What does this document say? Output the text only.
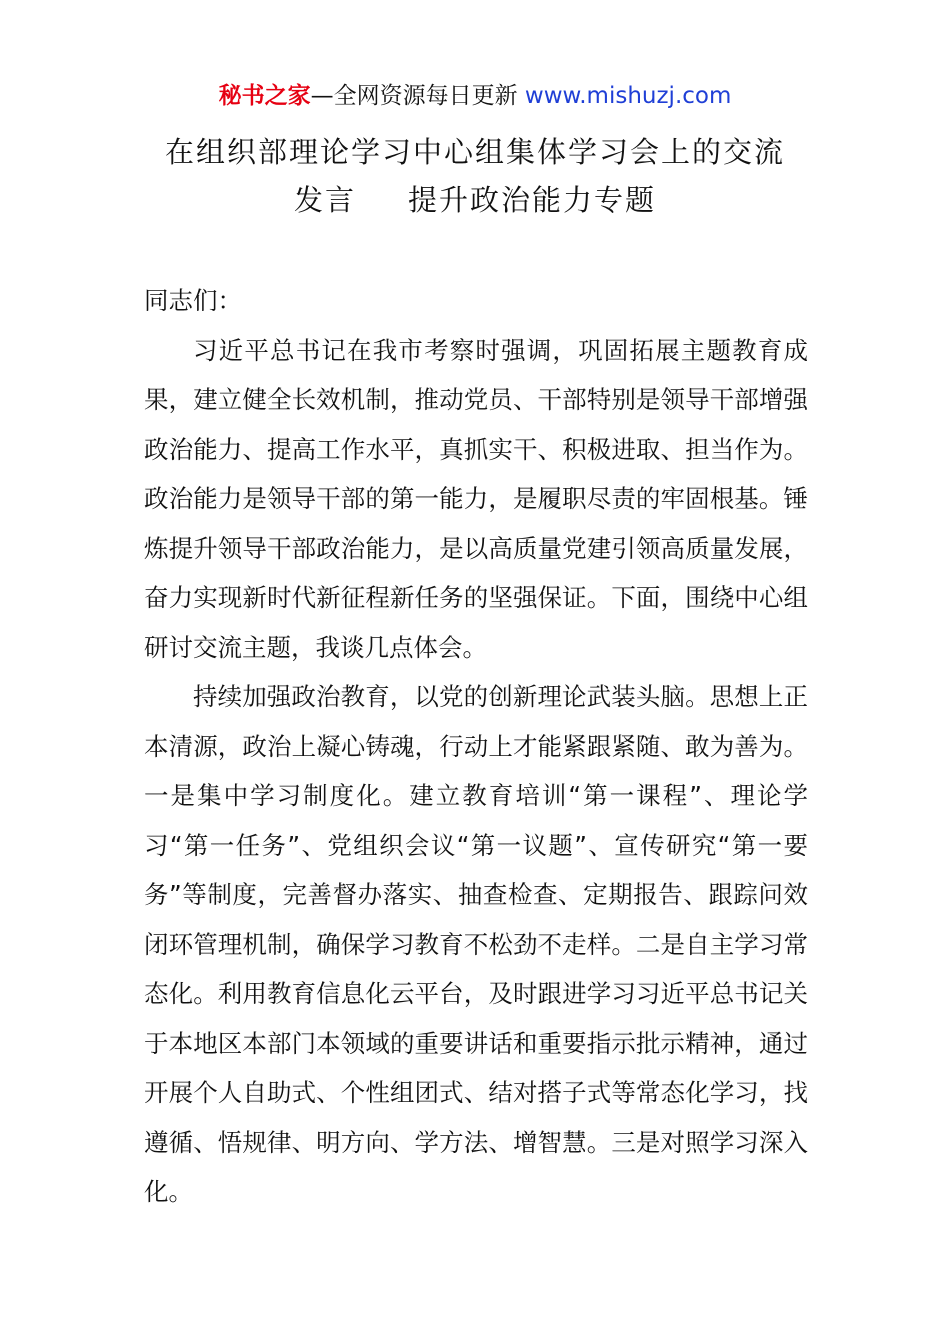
秘书之家—全网资源每日更新 www.mishuzj.com
在组织部理论学习中心组集体学习会上的交流
发言 提升政治能力专题

同志们：

习近平总书记在我市考察时强调，巩固拓展主题教育成果，建立健全长效机制，推动党员、干部特别是领导干部增强政治能力、提高工作水平，真抓实干、积极进取、担当作为。政治能力是领导干部的第一能力，是履职尽责的牢固根基。锤炼提升领导干部政治能力，是以高质量党建引领高质量发展，奋力实现新时代新征程新任务的坚强保证。下面，围绕中心组研讨交流主题，我谈几点体会。

持续加强政治教育，以党的创新理论武装头脑。思想上正本清源，政治上凝心铸魂，行动上才能紧跟紧随、敢为善为。一是集中学习制度化。建立教育培训“第一课程”、理论学习“第一任务”、党组织会议“第一议题”、宣传研究“第一要务”等制度，完善督办落实、抽查检查、定期报告、跟踪问效闭环管理机制，确保学习教育不松劲不走样。二是自主学习常态化。利用教育信息化云平台，及时跟进学习习近平总书记关于本地区本部门本领域的重要讲话和重要指示批示精神，通过开展个人自助式、个性组团式、结对搭子式等常态化学习，找遵循、悟规律、明方向、学方法、增智慧。三是对照学习深入化。
